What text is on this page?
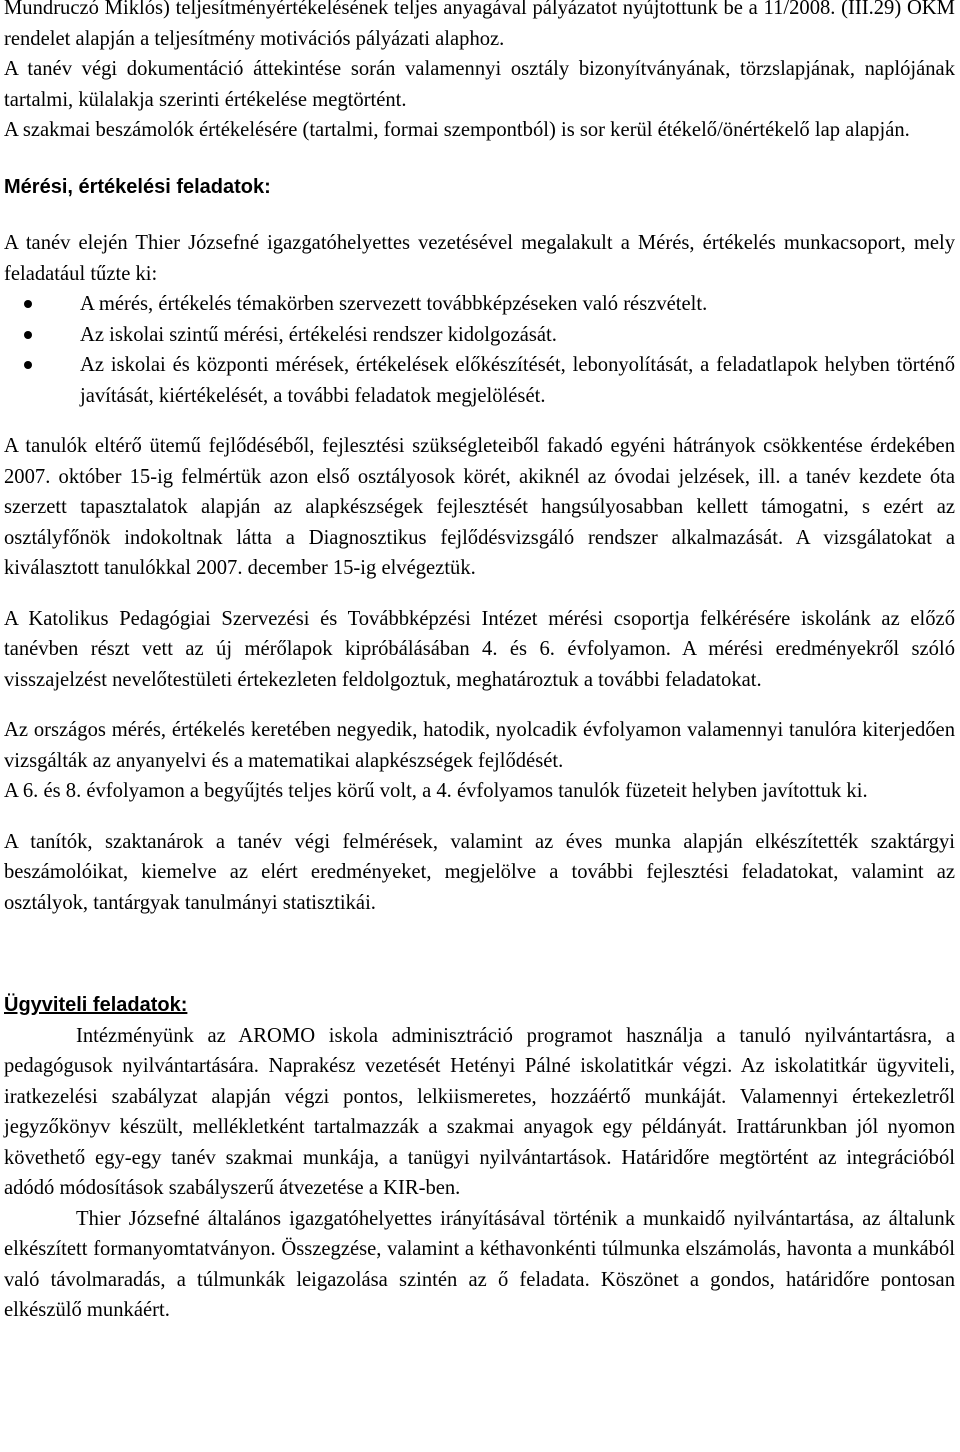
Mundruczó Miklós) teljesítményértékelésének teljes anyagával pályázatot nyújtottunk be a 11/2008. (III.29) OKM rendelet alapján a teljesítmény motivációs pályázati alaphoz.

A tanév végi dokumentáció áttekintése során valamennyi osztály bizonyítványának, törzslapjának, naplójának tartalmi, külalakja szerinti értékelése megtörtént.

A szakmai beszámolók értékelésére (tartalmi, formai szempontból) is sor kerül étékelő/önértékelő lap alapján.

Mérési, értékelési feladatok:

A tanév elején Thier Józsefné igazgatóhelyettes vezetésével megalakult a Mérés, értékelés munkacsoport, mely feladatául tűzte ki:

A mérés, értékelés témakörben szervezett továbbképzéseken való részvételt.
Az iskolai szintű mérési, értékelési rendszer kidolgozását.
Az iskolai és központi mérések, értékelések előkészítését, lebonyolítását, a feladatlapok helyben történő javítását, kiértékelését, a további feladatok megjelölését.

A tanulók eltérő ütemű fejlődéséből, fejlesztési szükségleteiből fakadó egyéni hátrányok csökkentése érdekében 2007. október 15-ig felmértük azon első osztályosok körét, akiknél az óvodai jelzések, ill. a tanév kezdete óta szerzett tapasztalatok alapján az alapkészségek fejlesztését hangsúlyosabban kellett támogatni, s ezért az osztályfőnök indokoltnak látta a Diagnosztikus fejlődésvizsgáló rendszer alkalmazását. A vizsgálatokat a kiválasztott tanulókkal 2007. december 15-ig elvégeztük.

A Katolikus Pedagógiai Szervezési és Továbbképzési Intézet mérési csoportja felkérésére iskolánk az előző tanévben részt vett az új mérőlapok kipróbálásában 4. és 6. évfolyamon. A mérési eredményekről szóló visszajelzést nevelőtestületi értekezleten feldolgoztuk, meghatároztuk a további feladatokat.

Az országos mérés, értékelés keretében negyedik, hatodik, nyolcadik évfolyamon valamennyi tanulóra kiterjedően vizsgálták az anyanyelvi és a matematikai alapkészségek fejlődését.

A 6. és 8. évfolyamon a begyűjtés teljes körű volt, a 4. évfolyamos tanulók füzeteit helyben javítottuk ki.

A tanítók, szaktanárok a tanév végi felmérések, valamint az éves munka alapján elkészítették szaktárgyi beszámolóikat, kiemelve az elért eredményeket, megjelölve a további fejlesztési feladatokat, valamint az osztályok, tantárgyak tanulmányi statisztikái.

Ügyviteli feladatok:

Intézményünk az AROMO iskola adminisztráció programot használja a tanuló nyilvántartásra, a pedagógusok nyilvántartására. Naprakész vezetését Hetényi Pálné iskolatitkár végzi. Az iskolatitkár ügyviteli, iratkezelési szabályzat alapján végzi pontos, lelkiismeretes, hozzáértő munkáját. Valamennyi értekezletről jegyzőkönyv készült, mellékletként tartalmazzák a szakmai anyagok egy példányát. Irattárunkban jól nyomon követhető egy-egy tanév szakmai munkája, a tanügyi nyilvántartások. Határidőre megtörtént az integrációból adódó módosítások szabályszerű átvezetése a KIR-ben.

Thier Józsefné általános igazgatóhelyettes irányításával történik a munkaidő nyilvántartása, az általunk elkészített formanyomtatványon. Összegzése, valamint a kéthavonkénti túlmunka elszámolás, havonta a munkából való távolmaradás, a túlmunkák leigazolása szintén az ő feladata. Köszönet a gondos, határidőre pontosan elkészülő munkáért.
